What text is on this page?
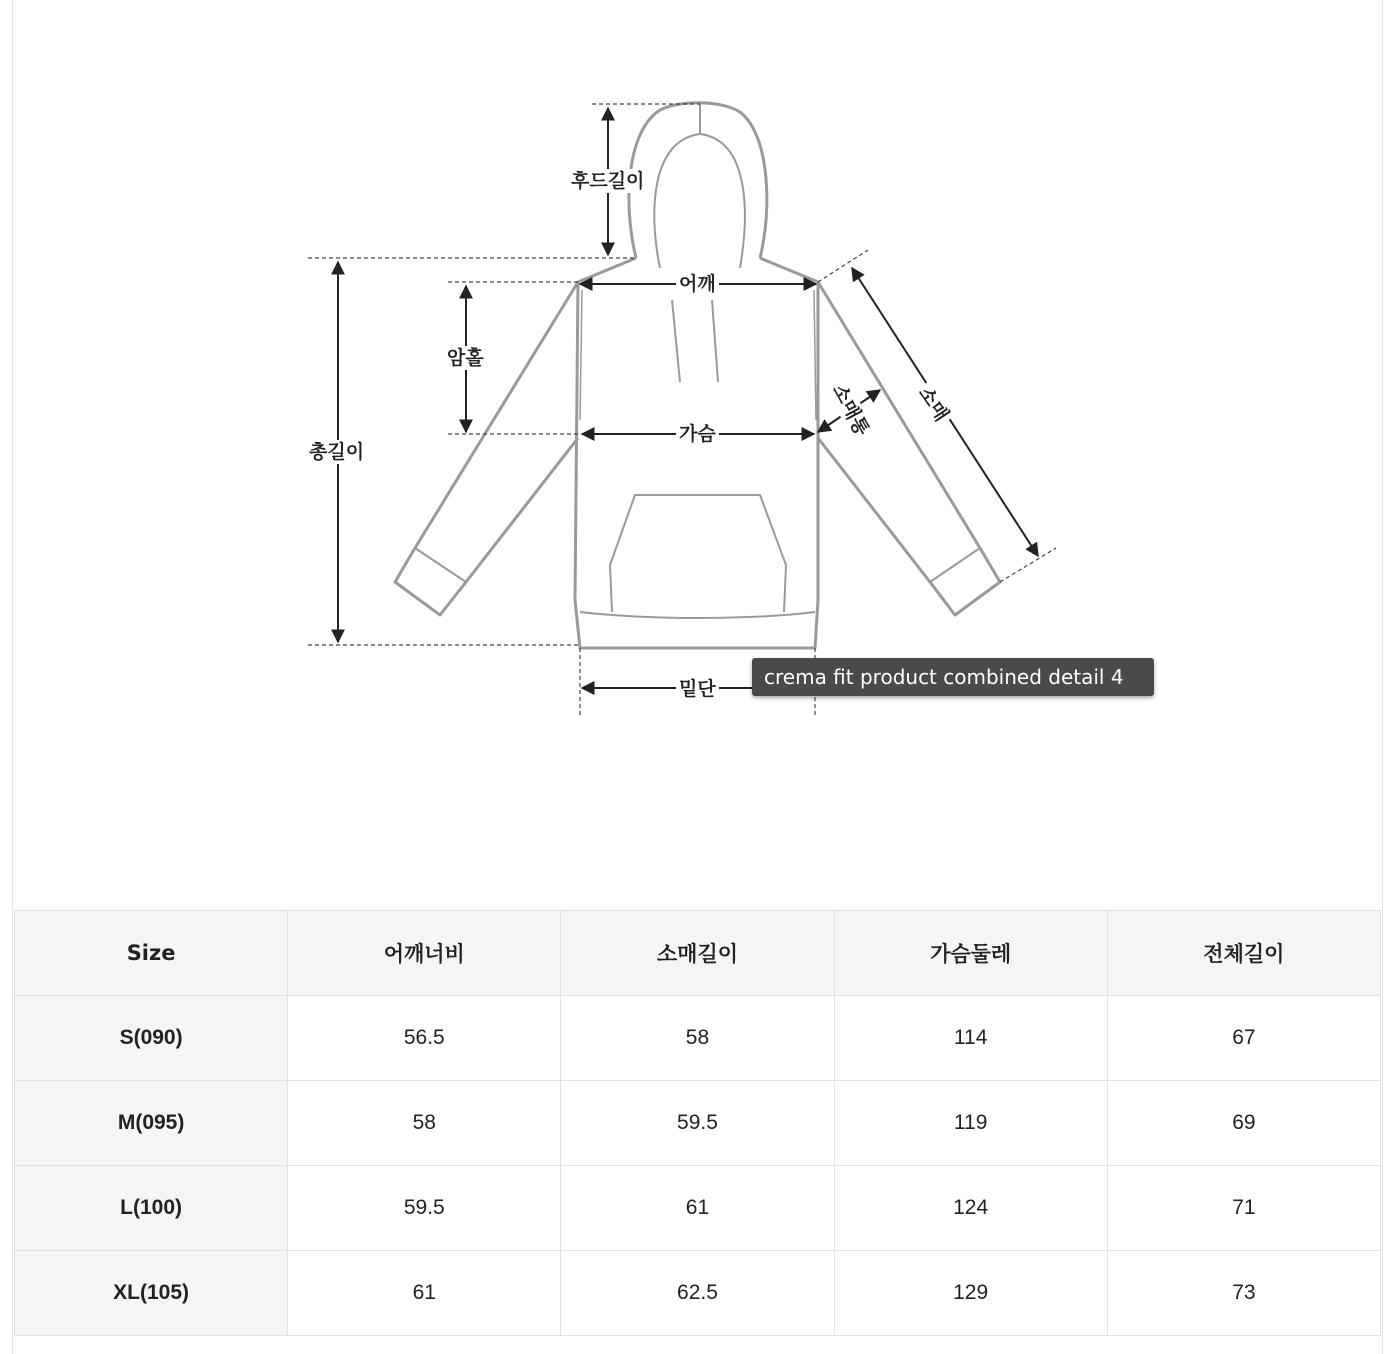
후드길이
어깨
암홀
총길이
가슴
밑단
소매통 소매
crema fit product combined detail 4
Size	어깨너비	소매길이	가슴둘레	전체길이
S(090)	56.5	58	114	67
M(095)	58	59.5	119	69
L(100)	59.5	61	124	71
XL(105)	61	62.5	129	73
